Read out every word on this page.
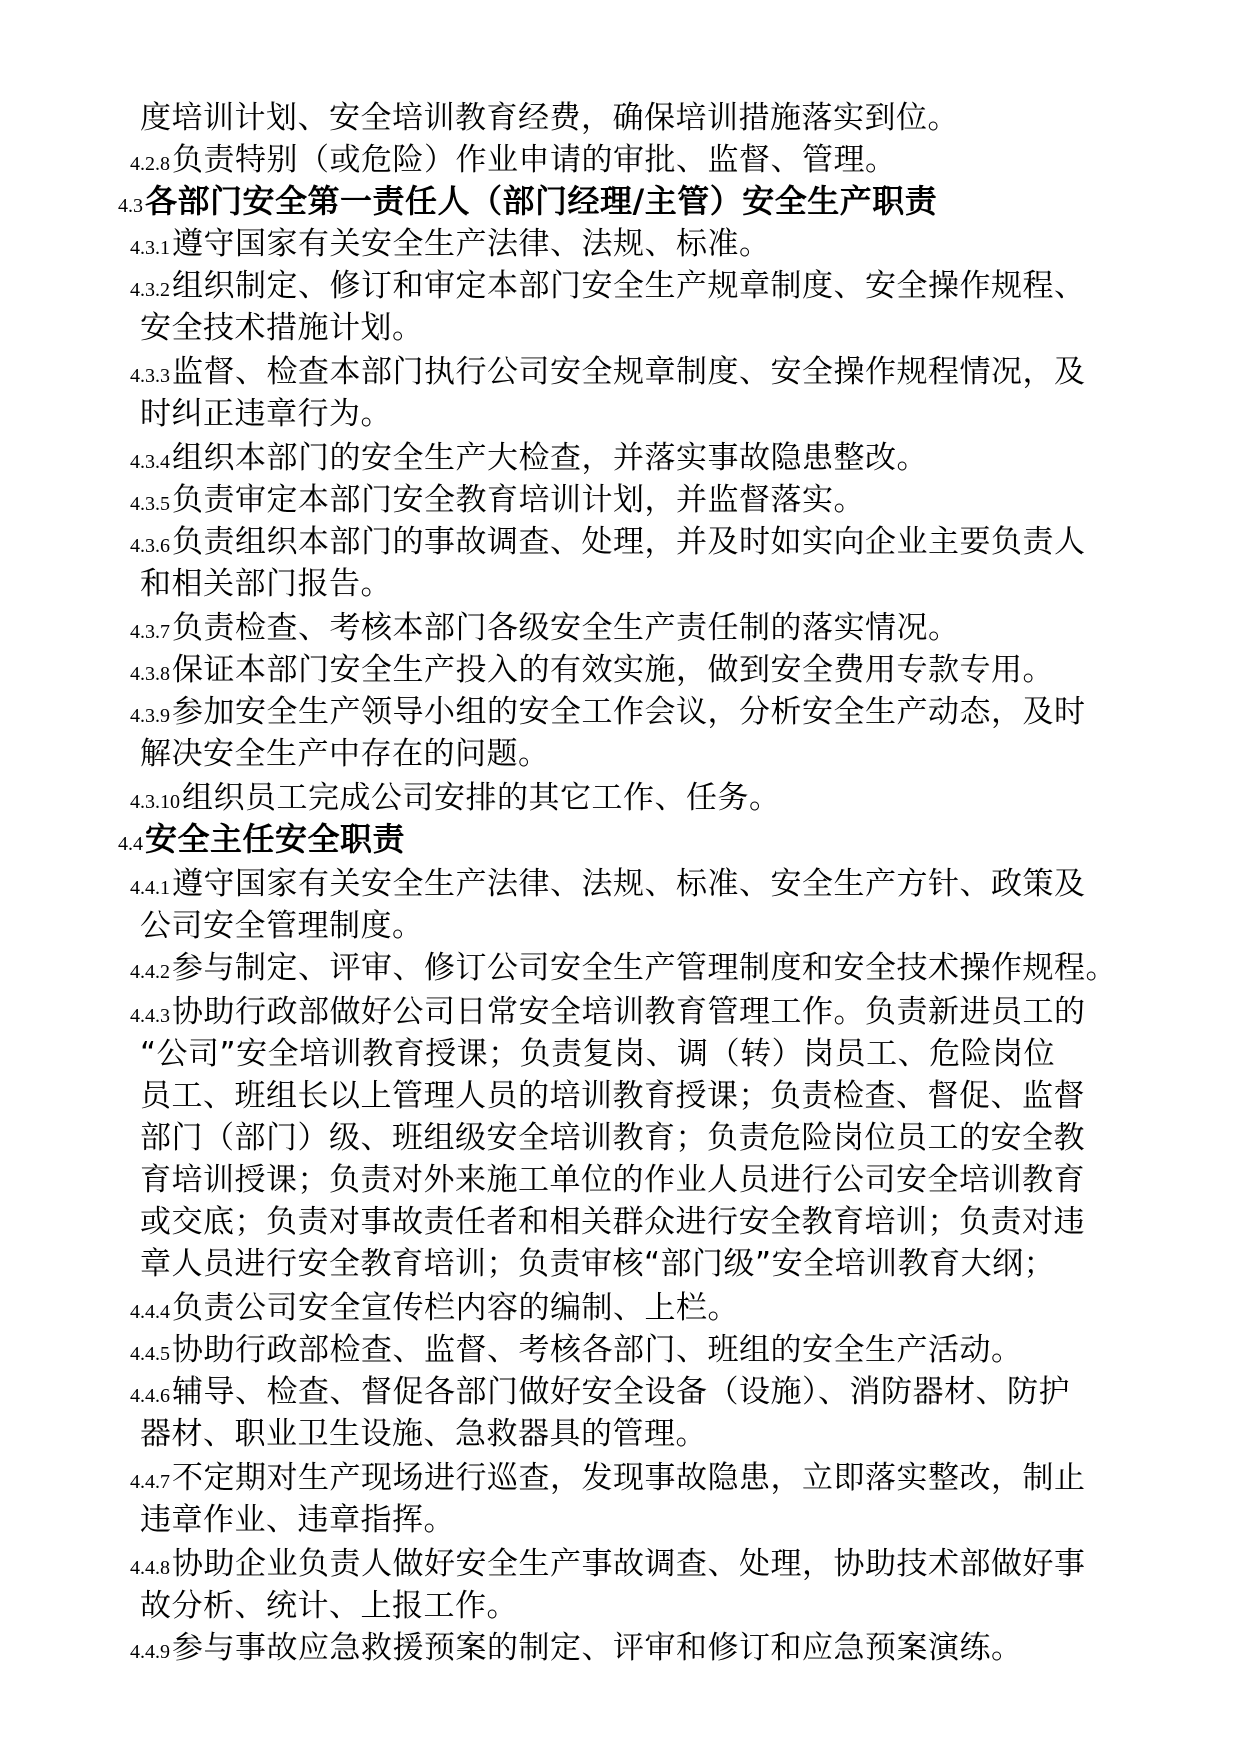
度培训计划、安全培训教育经费，确保培训措施落实到位。
4.2.8负责特别（或危险）作业申请的审批、监督、管理。
4.3各部门安全第一责任人（部门经理/主管）安全生产职责
4.3.1遵守国家有关安全生产法律、法规、标准。
4.3.2组织制定、修订和审定本部门安全生产规章制度、安全操作规程、
安全技术措施计划。
4.3.3监督、检查本部门执行公司安全规章制度、安全操作规程情况，及
时纠正违章行为。
4.3.4组织本部门的安全生产大检查，并落实事故隐患整改。
4.3.5负责审定本部门安全教育培训计划，并监督落实。
4.3.6负责组织本部门的事故调查、处理，并及时如实向企业主要负责人
和相关部门报告。
4.3.7负责检查、考核本部门各级安全生产责任制的落实情况。
4.3.8保证本部门安全生产投入的有效实施，做到安全费用专款专用。
4.3.9参加安全生产领导小组的安全工作会议，分析安全生产动态，及时
解决安全生产中存在的问题。
4.3.10组织员工完成公司安排的其它工作、任务。
4.4安全主任安全职责
4.4.1遵守国家有关安全生产法律、法规、标准、安全生产方针、政策及
公司安全管理制度。
4.4.2参与制定、评审、修订公司安全生产管理制度和安全技术操作规程。
4.4.3协助行政部做好公司日常安全培训教育管理工作。负责新进员工的
“公司”安全培训教育授课；负责复岗、调（转）岗员工、危险岗位
员工、班组长以上管理人员的培训教育授课；负责检查、督促、监督
部门（部门）级、班组级安全培训教育；负责危险岗位员工的安全教
育培训授课；负责对外来施工单位的作业人员进行公司安全培训教育
或交底；负责对事故责任者和相关群众进行安全教育培训；负责对违
章人员进行安全教育培训；负责审核“部门级”安全培训教育大纲；
4.4.4负责公司安全宣传栏内容的编制、上栏。
4.4.5协助行政部检查、监督、考核各部门、班组的安全生产活动。
4.4.6辅导、检查、督促各部门做好安全设备（设施）、消防器材、防护
器材、职业卫生设施、急救器具的管理。
4.4.7不定期对生产现场进行巡查，发现事故隐患，立即落实整改，制止
违章作业、违章指挥。
4.4.8协助企业负责人做好安全生产事故调查、处理，协助技术部做好事
故分析、统计、上报工作。
4.4.9参与事故应急救援预案的制定、评审和修订和应急预案演练。
